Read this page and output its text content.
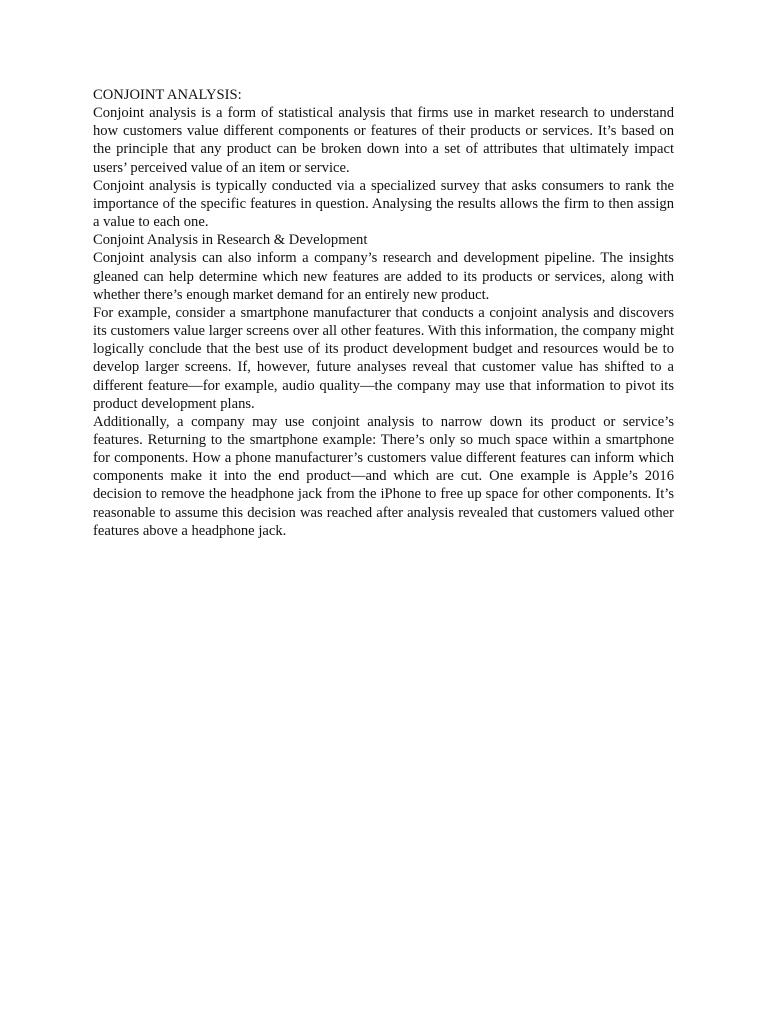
CONJOINT ANALYSIS:

Conjoint analysis is a form of statistical analysis that firms use in market research to understand how customers value different components or features of their products or services. It’s based on the principle that any product can be broken down into a set of attributes that ultimately impact users’ perceived value of an item or service.

Conjoint analysis is typically conducted via a specialized survey that asks consumers to rank the importance of the specific features in question. Analysing the results allows the firm to then assign a value to each one.

Conjoint Analysis in Research & Development

Conjoint analysis can also inform a company’s research and development pipeline. The insights gleaned can help determine which new features are added to its products or services, along with whether there’s enough market demand for an entirely new product.

For example, consider a smartphone manufacturer that conducts a conjoint analysis and discovers its customers value larger screens over all other features. With this information, the company might logically conclude that the best use of its product development budget and resources would be to develop larger screens. If, however, future analyses reveal that customer value has shifted to a different feature—for example, audio quality—the company may use that information to pivot its product development plans.

Additionally, a company may use conjoint analysis to narrow down its product or service’s features. Returning to the smartphone example: There’s only so much space within a smartphone for components. How a phone manufacturer’s customers value different features can inform which components make it into the end product—and which are cut. One example is Apple’s 2016 decision to remove the headphone jack from the iPhone to free up space for other components. It’s reasonable to assume this decision was reached after analysis revealed that customers valued other features above a headphone jack.
